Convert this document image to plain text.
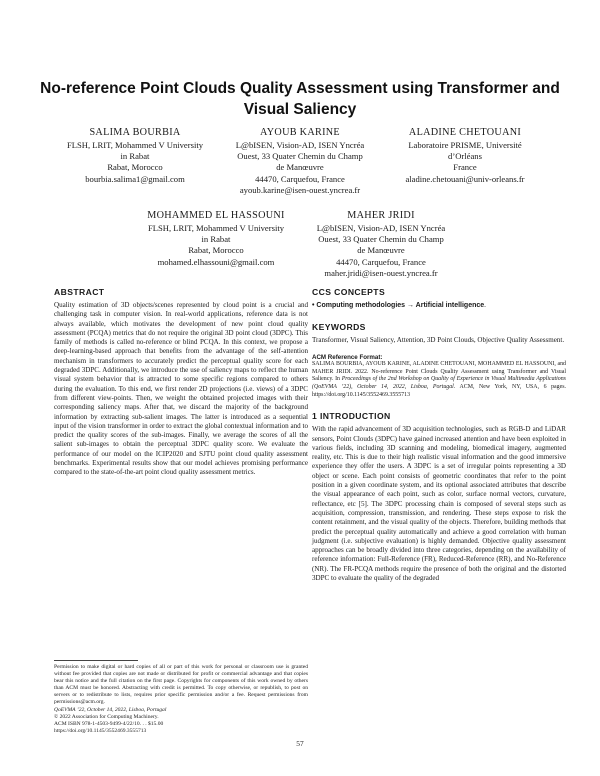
No-reference Point Clouds Quality Assessment using Transformer and Visual Saliency
SALIMA BOURBIA
FLSH, LRIT, Mohammed V University
in Rabat
Rabat, Morocco
bourbia.salima1@gmail.com
AYOUB KARINE
L@bISEN, Vision-AD, ISEN Yncréa
Ouest, 33 Quater Chemin du Champ
de Manœuvre
44470, Carquefou, France
ayoub.karine@isen-ouest.yncrea.fr
ALADINE CHETOUANI
Laboratoire PRISME, Université
d’Orléans
France
aladine.chetouani@univ-orleans.fr
MOHAMMED EL HASSOUNI
FLSH, LRIT, Mohammed V University
in Rabat
Rabat, Morocco
mohamed.elhassouni@gmail.com
MAHER JRIDI
L@bISEN, Vision-AD, ISEN Yncréa
Ouest, 33 Quater Chemin du Champ
de Manœuvre
44470, Carquefou, France
maher.jridi@isen-ouest.yncrea.fr
ABSTRACT
Quality estimation of 3D objects/scenes represented by cloud point is a crucial and challenging task in computer vision. In real-world applications, reference data is not always available, which motivates the development of new point cloud quality assessment (PCQA) metrics that do not require the original 3D point cloud (3DPC). This family of methods is called no-reference or blind PCQA. In this context, we propose a deep-learning-based approach that benefits from the advantage of the self-attention mechanism in transformers to accurately predict the perceptual quality score for each degraded 3DPC. Additionally, we introduce the use of saliency maps to reflect the human visual system behavior that is attracted to some specific regions compared to others during the evaluation. To this end, we first render 2D projections (i.e. views) of a 3DPC from different view-points. Then, we weight the obtained projected images with their corresponding saliency maps. After that, we discard the majority of the background information by extracting sub-salient images. The latter is introduced as a sequential input of the vision transformer in order to extract the global contextual information and to predict the quality scores of the sub-images. Finally, we average the scores of all the salient sub-images to obtain the perceptual 3DPC quality score. We evaluate the performance of our model on the ICIP2020 and SJTU point cloud quality assessment benchmarks. Experimental results show that our model achieves promising performance compared to the state-of-the-art point cloud quality assessment metrics.
Permission to make digital or hard copies of all or part of this work for personal or classroom use is granted without fee provided that copies are not made or distributed for profit or commercial advantage and that copies bear this notice and the full citation on the first page. Copyrights for components of this work owned by others than ACM must be honored. Abstracting with credit is permitted. To copy otherwise, or republish, to post on servers or to redistribute to lists, requires prior specific permission and/or a fee. Request permissions from permissions@acm.org.
QoEVMA ’22, October 14, 2022, Lisboa, Portugal
© 2022 Association for Computing Machinery.
ACM ISBN 978-1-4503-9499-4/22/10. . . $15.00
https://doi.org/10.1145/3552469.3555713
CCS CONCEPTS
• Computing methodologies → Artificial intelligence.
KEYWORDS
Transformer, Visual Saliency, Attention, 3D Point Clouds, Objective Quality Assessment.
ACM Reference Format:
SALIMA BOURBIA, AYOUB KARINE, ALADINE CHETOUANI, MOHAMMED EL HASSOUNI, and MAHER JRIDI. 2022. No-reference Point Clouds Quality Assessment using Transformer and Visual Saliency. In Proceedings of the 2nd Workshop on Quality of Experience in Visual Multimedia Applications (QoEVMA ’22), October 14, 2022, Lisboa, Portugal. ACM, New York, NY, USA, 6 pages. https://doi.org/10.1145/3552469.3555713
1 INTRODUCTION
With the rapid advancement of 3D acquisition technologies, such as RGB-D and LiDAR sensors, Point Clouds (3DPC) have gained increased attention and have been exploited in various fields, including 3D scanning and modeling, biomedical imagery, augmented reality, etc. This is due to their high realistic visual information and the good immersive experience they offer the users. A 3DPC is a set of irregular points representing a 3D object or scene. Each point consists of geometric coordinates that refer to the point position in a given coordinate system, and its optional associated attributes that describe the visual appearance of each point, such as color, surface normal vectors, curvature, reflectance, etc [5]. The 3DPC processing chain is composed of several steps such as acquisition, compression, transmission, and rendering. These steps expose to risk the content retainment, and the visual quality of the objects. Therefore, building methods that predict the perceptual quality automatically and achieve a good correlation with human judgment (i.e. subjective evaluation) is highly demanded. Objective quality assessment approaches can be broadly divided into three categories, depending on the availability of reference information: Full-Reference (FR), Reduced-Reference (RR), and No-Reference (NR). The FR-PCQA methods require the presence of both the original and the distorted 3DPC to evaluate the quality of the degraded
57
